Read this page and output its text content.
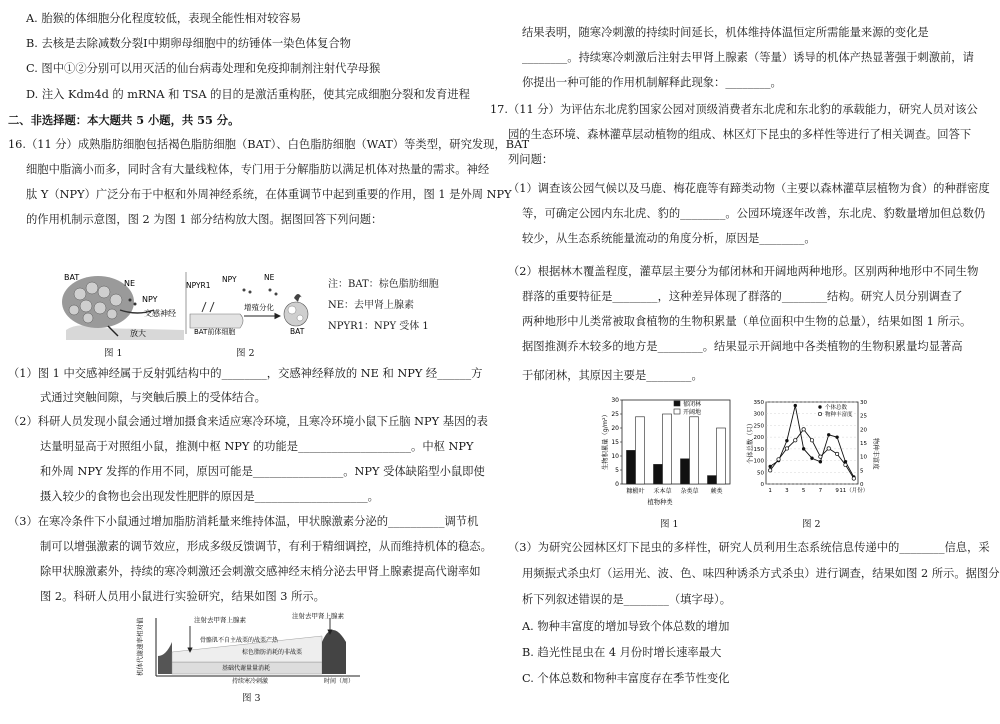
A. 胎猴的体细胞分化程度较低，表现全能性相对较容易
B. 去核是去除减数分裂Ⅰ中期卵母细胞中的纺锤体一染色体复合物
C. 图中①②分别可以用灭活的仙台病毒处理和免疫抑制剂注射代孕母猴
D. 注入 Kdm4d 的 mRNA 和 TSA 的目的是激活重构胚，使其完成细胞分裂和发育进程
二、非选择题：本大题共 5 小题，共 55 分。
16.（11 分）成熟脂肪细胞包括褐色脂肪细胞（BAT）、白色脂肪细胞（WAT）等类型，研究发现，BAT
细胞中脂滴小而多，同时含有大量线粒体，专门用于分解脂肪以满足机体对热量的需求。神经
肽 Y（NPY）广泛分布于中枢和外周神经系统，在体重调节中起到重要的作用，图 1 是外周 NPY
的作用机制示意图，图 2 为图 1 部分结构放大图。据图回答下列问题：
BAT
NE
NPY
交感神经
放大
图 1
NPYR1
NPY	NE
增殖分化
BAT前体细胞	BAT
图 2
注：BAT：棕色脂肪细胞
NE：去甲肾上腺素
NPYR1：NPY 受体 1
（1）图 1 中交感神经属于反射弧结构中的________，交感神经释放的 NE 和 NPY 经______方
式通过突触间隙，与突触后膜上的受体结合。
（2）科研人员发现小鼠会通过增加摄食来适应寒冷环境，且寒冷环境小鼠下丘脑 NPY 基因的表
达量明显高于对照组小鼠，推测中枢 NPY 的功能是____________________。中枢 NPY
和外周 NPY 发挥的作用不同，原因可能是________________。NPY 受体缺陷型小鼠即使
摄入较少的食物也会出现发性肥胖的原因是____________________。
（3）在寒冷条件下小鼠通过增加脂肪消耗量来维持体温，甲状腺激素分泌的__________调节机
制可以增强激素的调节效应，形成多级反馈调节，有利于精细调控，从而维持机体的稳态。
除甲状腺激素外，持续的寒冷刺激还会刺激交感神经末梢分泌去甲肾上腺素提高代谢率如
图 2。科研人员用小鼠进行实验研究，结果如图 3 所示。
机体代谢速率相对值	注射去甲肾上腺素	注射去甲肾上腺素
骨骼肌不自主战栗的战栗产热
棕色脂肪消耗的非战栗
基础代谢量量消耗
持续寒冷刺激	时间（周）
图 3
结果表明，随寒冷刺激的持续时间延长，机体维持体温恒定所需能量来源的变化是
________。持续寒冷刺激后注射去甲肾上腺素（等量）诱导的机体产热显著强于刺激前，请
你提出一种可能的作用机制解释此现象：________。
17.（11 分）为评估东北虎豹国家公园对顶级消费者东北虎和东北豹的承载能力，研究人员对该公
园的生态环境、森林灌草层动植物的组成、林区灯下昆虫的多样性等进行了相关调查。回答下
列问题：
（1）调查该公园气候以及马鹿、梅花鹿等有蹄类动物（主要以森林灌草层植物为食）的种群密度
等，可确定公园内东北虎、豹的________。公园环境逐年改善，东北虎、豹数量增加但总数仍
较少，从生态系统能量流动的角度分析，原因是________。
（2）根据林木覆盖程度，灌草层主要分为郁闭林和开阔地两种地形。区别两种地形中不同生物
群落的重要特征是________，这种差异体现了群落的________结构。研究人员分别调查了
两种地形中儿类常被取食植物的生物积累量（单位面积中生物的总量），结果如图 1 所示。
据图推测乔木较多的地方是________。结果显示开阔地中各类植物的生物积累量均显著高
于郁闭林，其原因主要是________。
生物积累量（g/m²）
植物种类
0
5
10
15
20
25
30
糠椴叶 禾本草 杂类草 蕨类
郁闭林
开阔地
图 1
个体总数（只）	物种丰富度
0
50
100
150
200
250
300
350
0
5
10
15
20
25
30
1 3 5 7 9 11（月份）
个体总数
物种丰富度
图 2
（3）为研究公园林区灯下昆虫的多样性，研究人员利用生态系统信息传递中的________信息，采
用频振式杀虫灯（运用光、波、色、味四种诱杀方式杀虫）进行调查，结果如图 2 所示。据图分
析下列叙述错误的是________（填字母）。
A. 物种丰富度的增加导致个体总数的增加
B. 趋光性昆虫在 4 月份时增长速率最大
C. 个体总数和物种丰富度存在季节性变化
